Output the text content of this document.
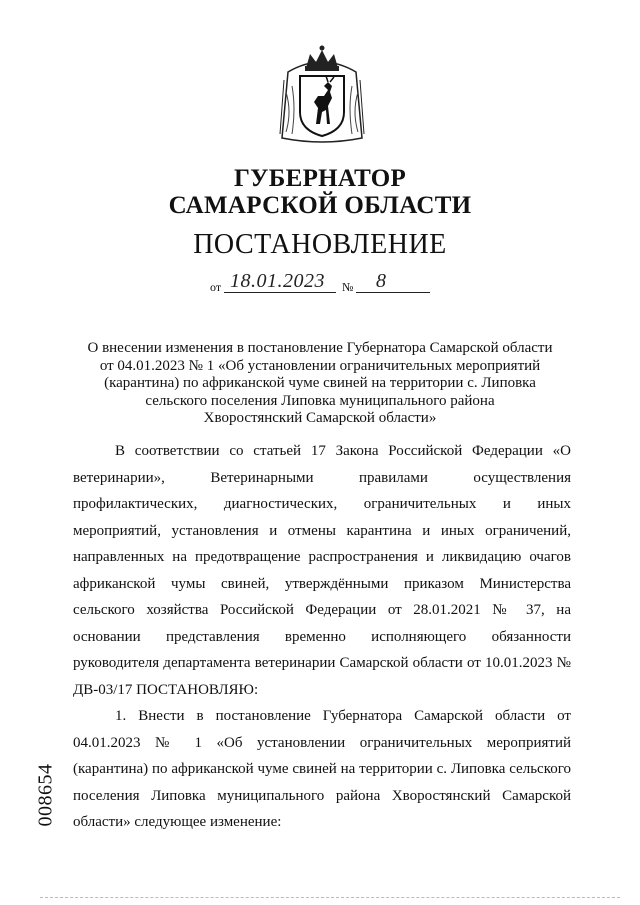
ГУБЕРНАТОР
САМАРСКОЙ ОБЛАСТИ
ПОСТАНОВЛЕНИЕ
от 18.01.2023 № 8
О внесении изменения в постановление Губернатора Самарской области
от 04.01.2023 № 1 «Об установлении ограничительных мероприятий
(карантина) по африканской чуме свиней на территории с. Липовка
сельского поселения Липовка муниципального района
Хворостянский Самарской области»

В соответствии со статьей 17 Закона Российской Федерации «О ветеринарии», Ветеринарными правилами осуществления профилактических, диагностических, ограничительных и иных мероприятий, установления и отмены карантина и иных ограничений, направленных на предотвращение распространения и ликвидацию очагов африканской чумы свиней, утверждёнными приказом Министерства сельского хозяйства Российской Федерации от 28.01.2021 № 37, на основании представления временно исполняющего обязанности руководителя департамента ветеринарии Самарской области от 10.01.2023 № ДВ-03/17 ПОСТАНОВЛЯЮ:

1. Внести в постановление Губернатора Самарской области от 04.01.2023 № 1 «Об установлении ограничительных мероприятий (карантина) по африканской чуме свиней на территории с. Липовка сельского поселения Липовка муниципального района Хворостянский Самарской области» следующее изменение:

008654
